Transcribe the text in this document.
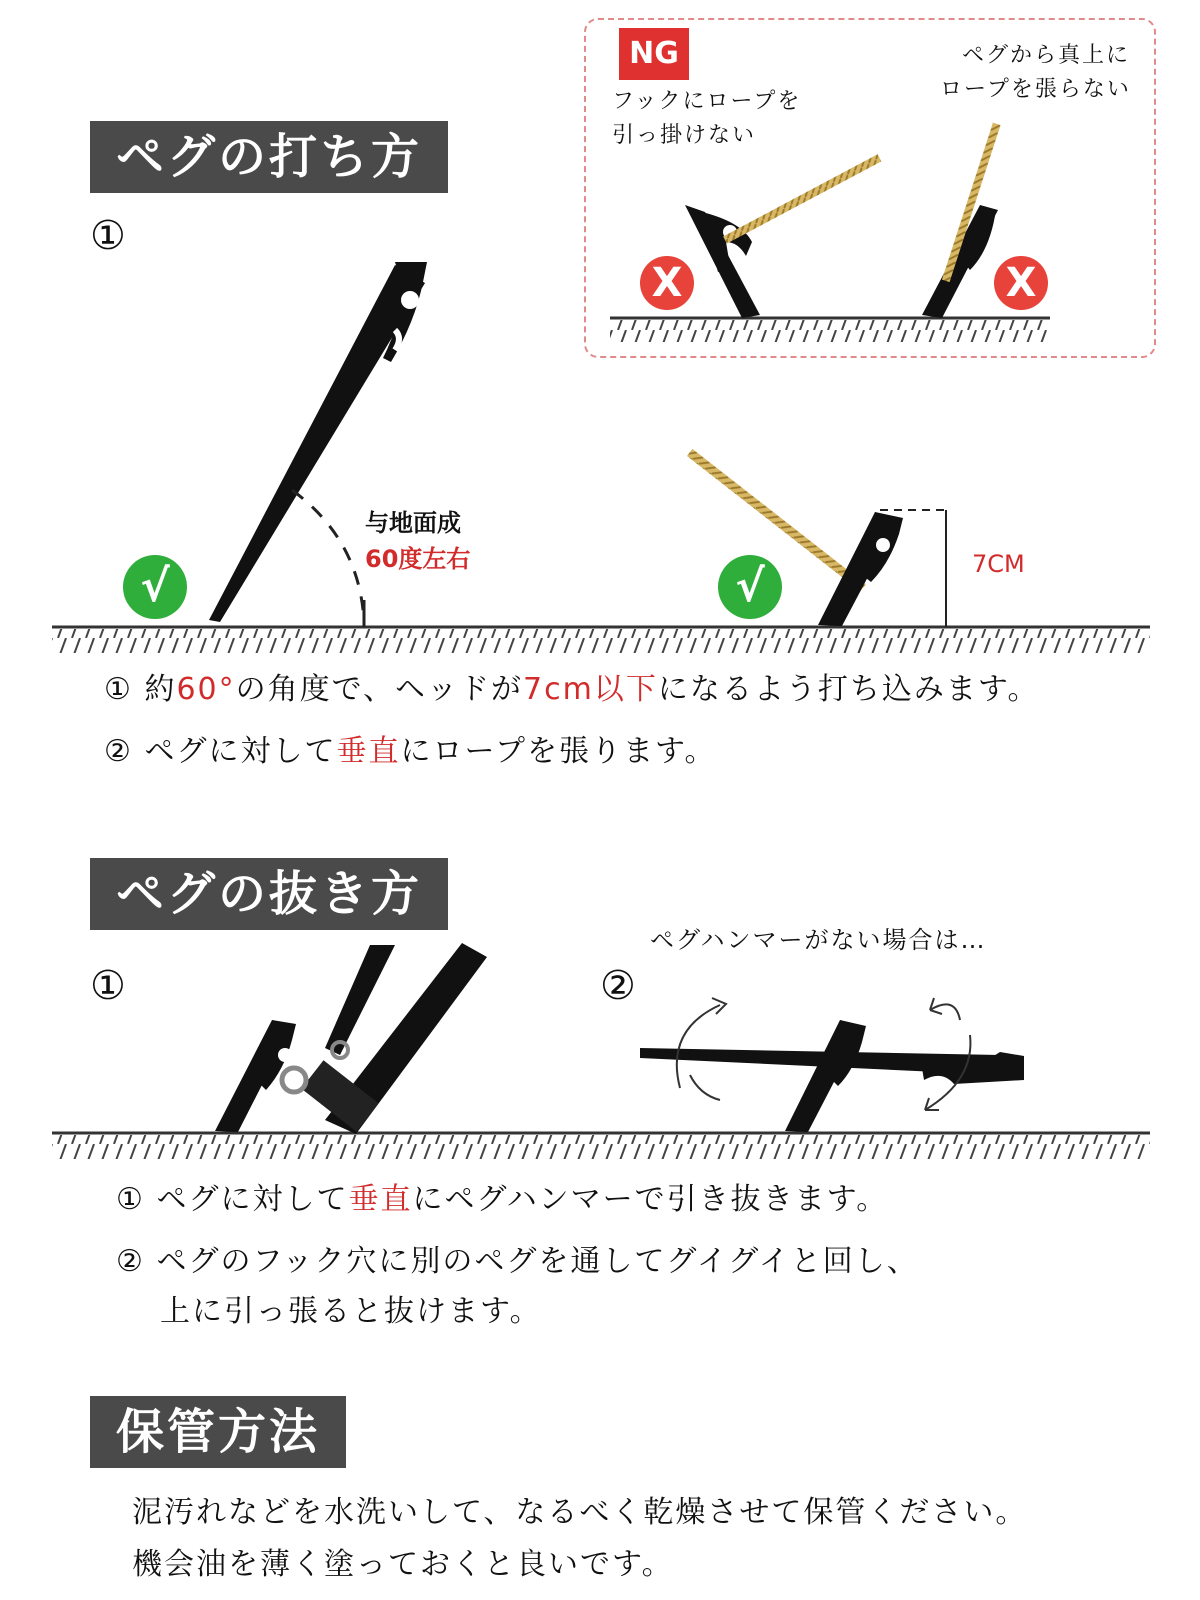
NG
フックにロープを
引っ掛けない
ペグから真上に
ロープを張らない
X	X
ペグの打ち方
①
与地面成
60度左右	7CM
√	√
① 約60°の角度で、ヘッドが7cm以下になるよう打ち込みます。
② ペグに対して垂直にロープを張ります。
ペグの抜き方
①	②
ペグハンマーがない場合は…
① ペグに対して垂直にペグハンマーで引き抜きます。
② ペグのフック穴に別のペグを通してグイグイと回し、
上に引っ張ると抜けます。
保管方法
泥汚れなどを水洗いして、なるべく乾燥させて保管ください。
機会油を薄く塗っておくと良いです。
